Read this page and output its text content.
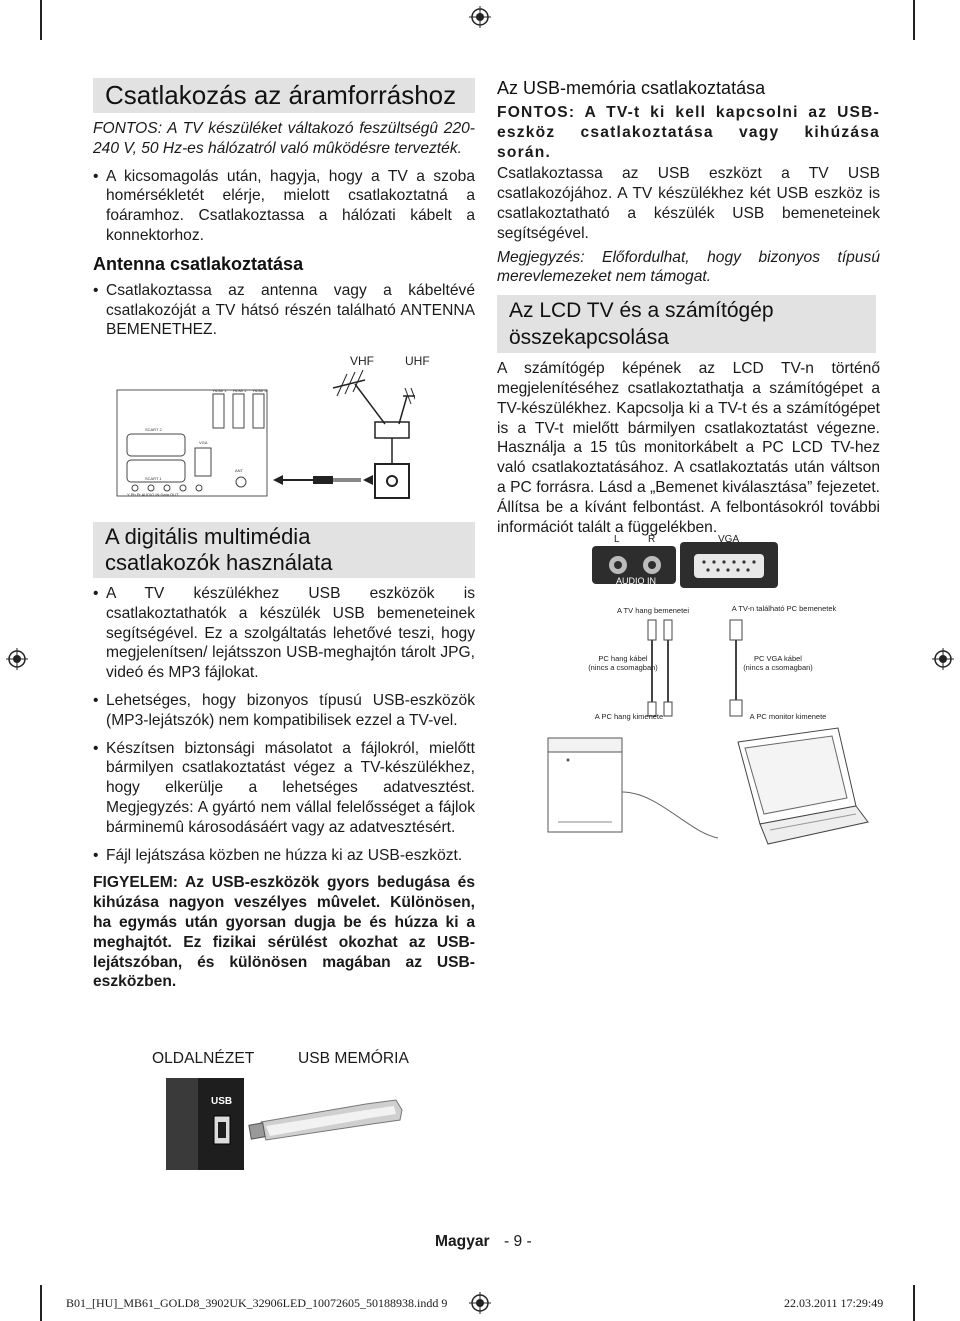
Csatlakozás az áramforráshoz

FONTOS: A TV készüléket váltakozó feszültségû 220-240 V, 50 Hz-es hálózatról való mûködésre tervezték.

• A kicsomagolás után, hagyja, hogy a TV a szoba homérsékletét elérje, mielott csatlakoztatná a foáramhoz. Csatlakoztassa a hálózati kábelt a konnektorhoz.
Antenna csatlakoztatása
• Csatlakoztassa az antenna vagy a kábeltévé csatlakozóját a TV hátsó részén található ANTENNA BEMENETHEZ.
VHF	UHF
HDMI 1 HDMI 2 HDMI 3
SCART 2
SCART 1
VGA
ANT
Y Pb Pr AUDIO IN Data OUT
A digitális multimédia
csatlakozók használata
• A TV készülékhez USB eszközök is csatlakoztathatók a készülék USB bemeneteinek segítségével. Ez a szolgáltatás lehetővé teszi, hogy megjelenítsen/ lejátsszon USB-meghajtón tárolt JPG, videó és MP3 fájlokat.
• Lehetséges, hogy bizonyos típusú USB-eszközök (MP3-lejátszók) nem kompatibilisek ezzel a TV-vel.
• Készítsen biztonsági másolatot a fájlokról, mielőtt bármilyen csatlakoztatást végez a TV-készülékhez, hogy elkerülje a lehetséges adatvesztést. Megjegyzés: A gyártó nem vállal felelősséget a fájlok bárminemû károsodásáért vagy az adatvesztésért.
• Fájl lejátszása közben ne húzza ki az USB-eszközt.

FIGYELEM: Az USB-eszközök gyors bedugása és kihúzása nagyon veszélyes mûvelet. Különösen, ha egymás után gyorsan dugja be és húzza ki a meghajtót. Ez fizikai sérülést okozhat az USB-lejátszóban, és különösen magában az USB-eszközben.

OLDALNÉZET	USB MEMÓRIA
USB
Az USB-memória csatlakoztatása

FONTOS: A TV-t ki kell kapcsolni az USB-eszköz csatlakoztatása vagy kihúzása során.

Csatlakoztassa az USB eszközt a TV USB csatlakozójához. A TV készülékhez két USB eszköz is csatlakoztatható a készülék USB bemeneteinek segítségével.

Megjegyzés: Előfordulhat, hogy bizonyos típusú merevlemezeket nem támogat.

Az LCD TV és a számítógép
összekapcsolása

A számítógép képének az LCD TV-n történő megjelenítéséhez csatlakoztathatja a számítógépet a TV-készülékhez. Kapcsolja ki a TV-t és a számítógépet is a TV-t mielőtt bármilyen csatlakoztatást végezne. Használja a 15 tûs monitorkábelt a PC LCD TV-hez való csatlakoztatásához. A csatlakoztatás után váltson a PC forrásra. Lásd a „Bemenet kiválasztása” fejezetet. Állítsa be a kívánt felbontást. A felbontásokról további információt talált a függelékben.

L	R	VGA
AUDIO IN
A TV hang bemenetei	A TV-n található PC bemenetek
PC hang kábel
(nincs a csomagban)
PC VGA kábel
(nincs a csomagban)
A PC hang kimenete	A PC monitor kimenete
Magyar - 9 -
B01_[HU]_MB61_GOLD8_3902UK_32906LED_10072605_50188938.indd 9	22.03.2011 17:29:49
